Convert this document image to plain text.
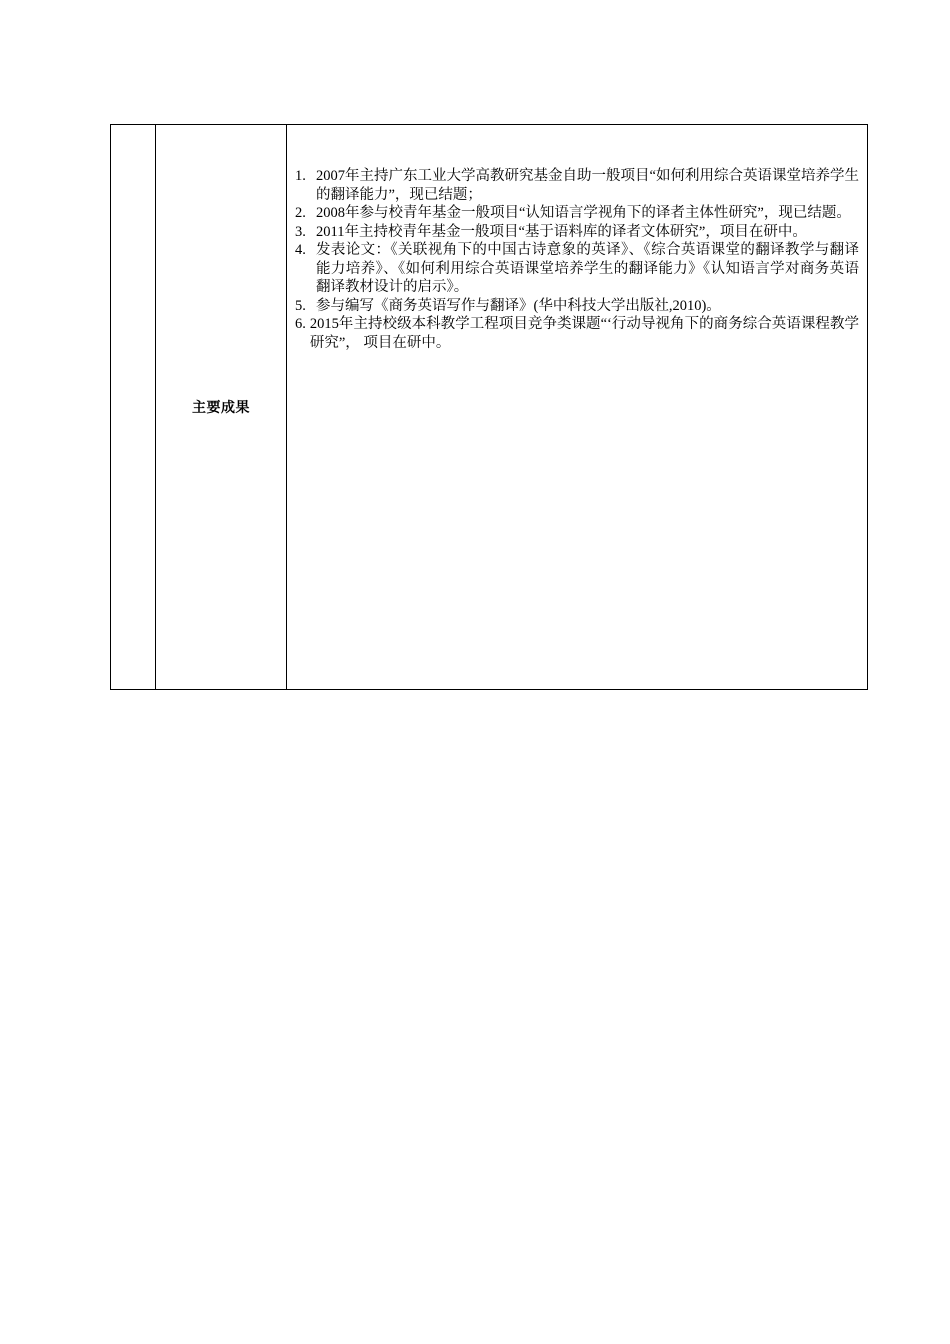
主要成果
1. 2007年主持广东工业大学高教研究基金自助一般项目“如何利用综合英语课堂培养学生的翻译能力”，现已结题；
2. 2008年参与校青年基金一般项目“认知语言学视角下的译者主体性研究”，现已结题。
3. 2011年主持校青年基金一般项目“基于语料库的译者文体研究”，项目在研中。
4. 发表论文：《关联视角下的中国古诗意象的英译》、《综合英语课堂的翻译教学与翻译能力培养》、《如何利用综合英语课堂培养学生的翻译能力》《认知语言学对商务英语翻译教材设计的启示》。
5. 参与编写《商务英语写作与翻译》(华中科技大学出版社,2010)。
6. 2015年主持校级本科教学工程项目竞争类课题“‘行动导视角下的商务综合英语课程教学研究”， 项目在研中。
